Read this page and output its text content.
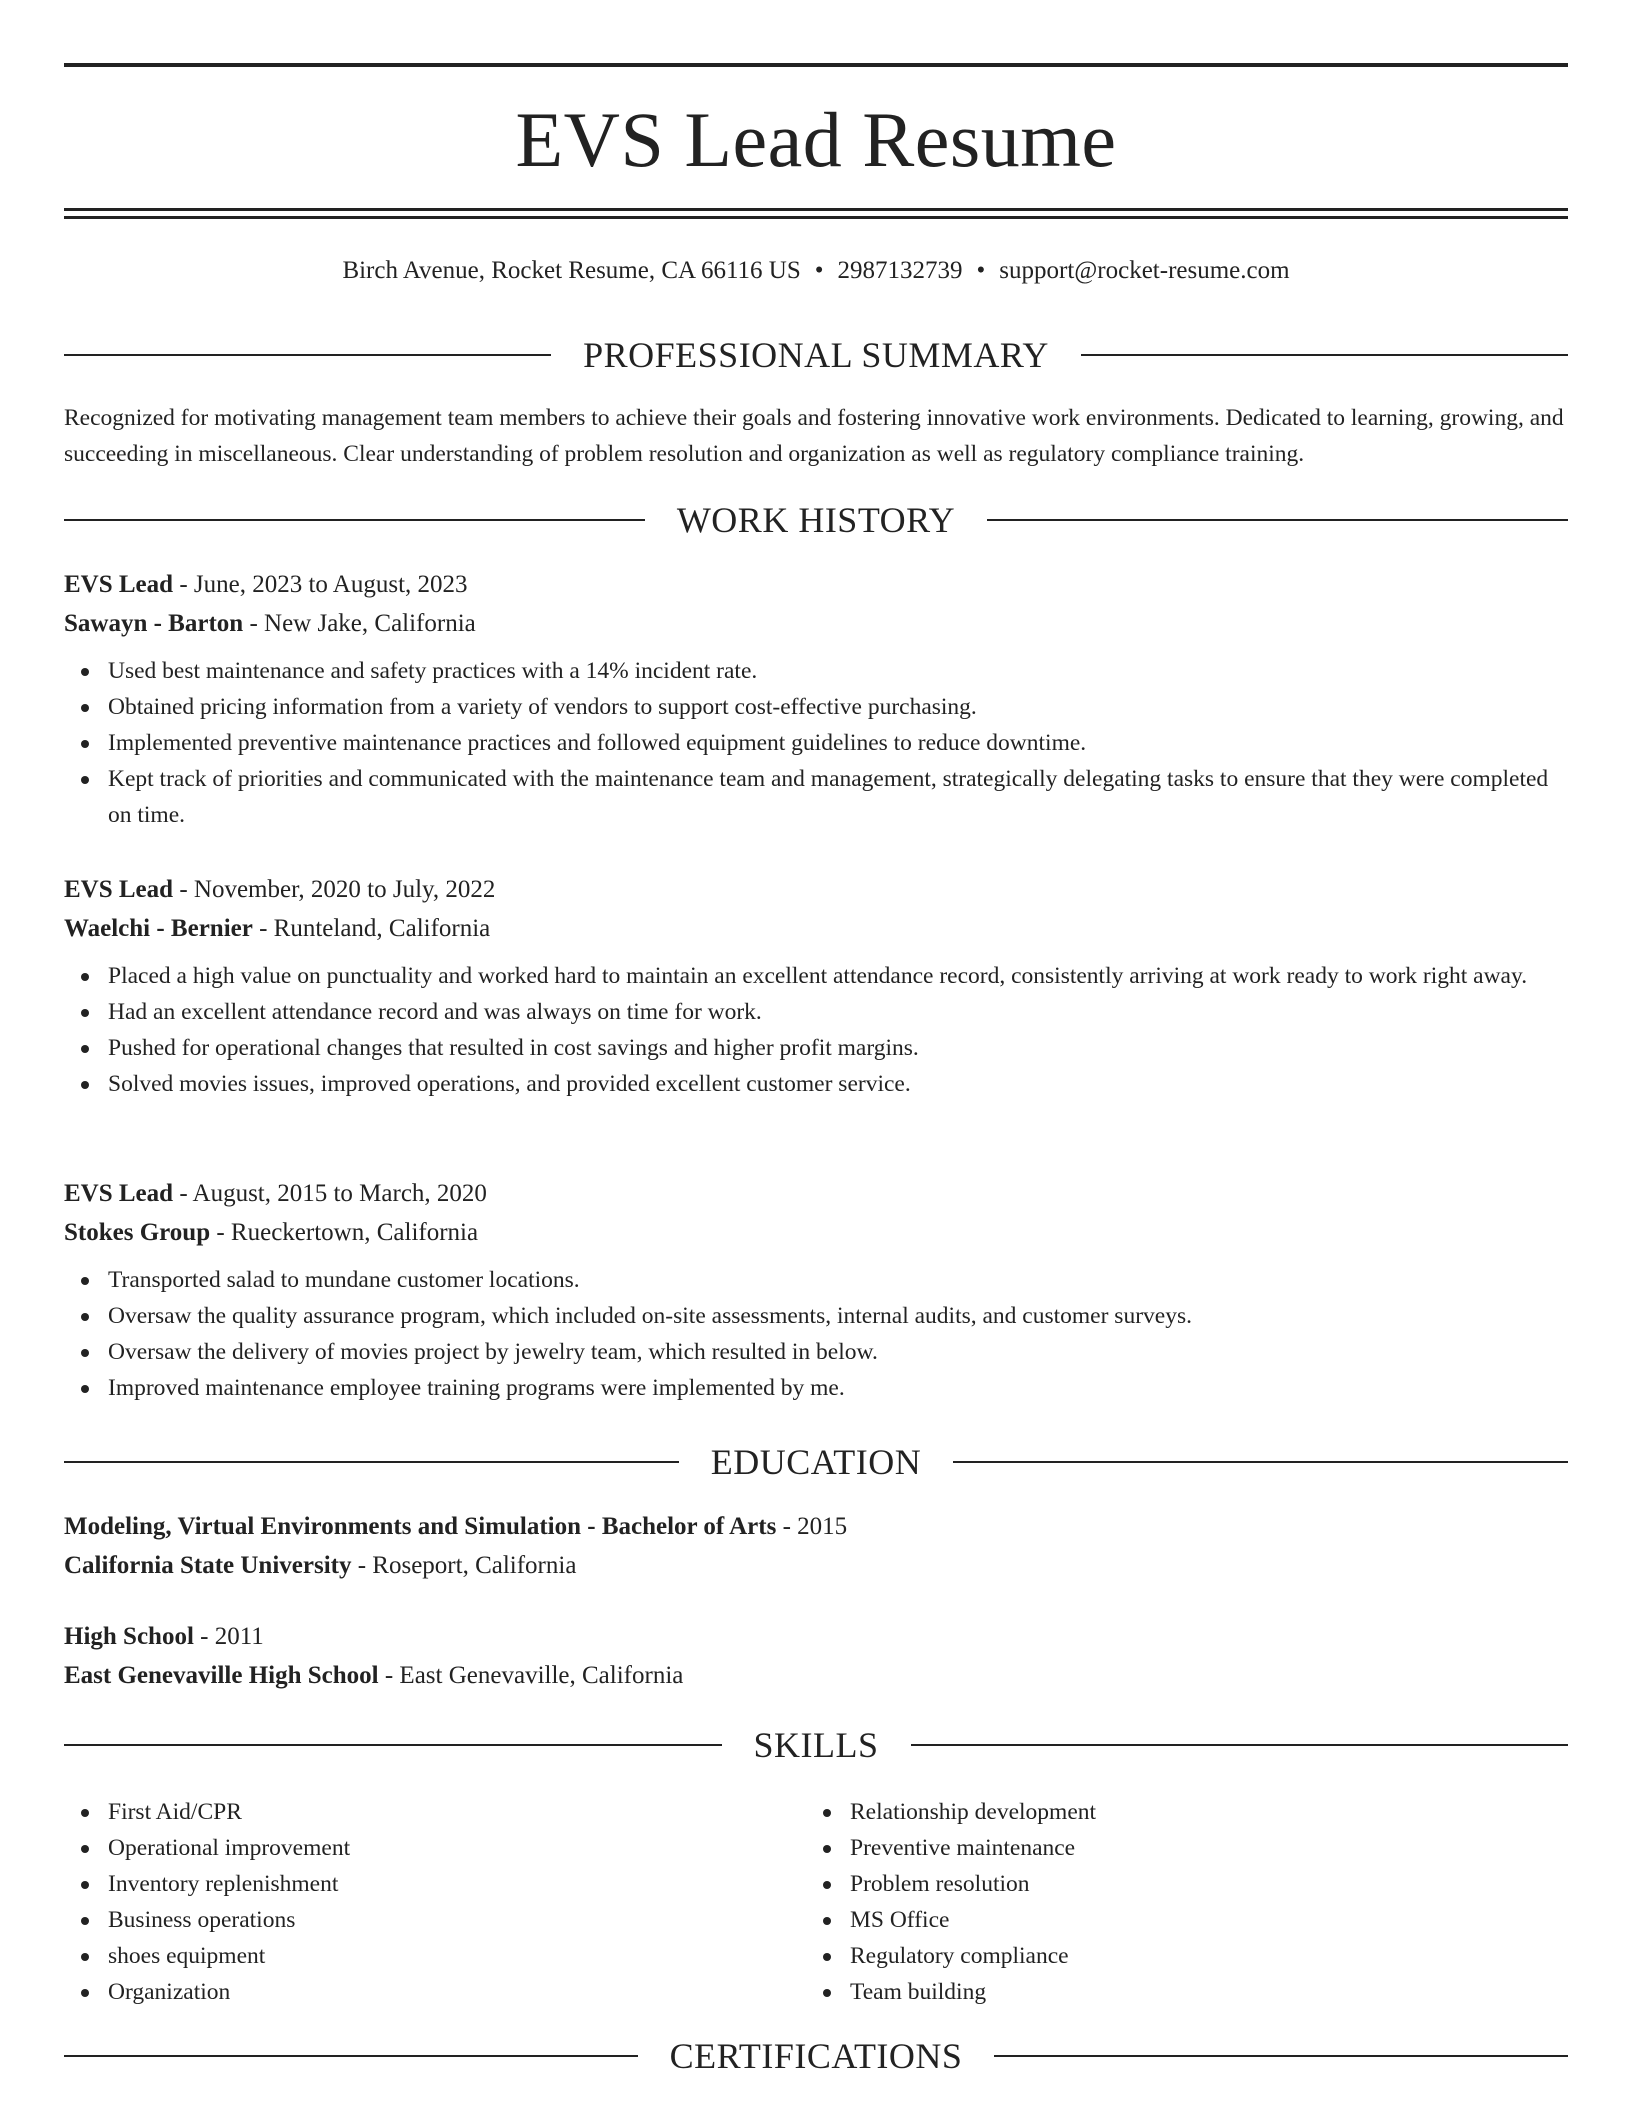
EVS Lead Resume
Birch Avenue, Rocket Resume, CA 66116 US • 2987132739 • support@rocket-resume.com
PROFESSIONAL SUMMARY

Recognized for motivating management team members to achieve their goals and fostering innovative work environments. Dedicated to learning, growing, and succeeding in miscellaneous. Clear understanding of problem resolution and organization as well as regulatory compliance training.

WORK HISTORY
EVS Lead - June, 2023 to August, 2023
Sawayn - Barton - New Jake, California
Used best maintenance and safety practices with a 14% incident rate.
Obtained pricing information from a variety of vendors to support cost-effective purchasing.
Implemented preventive maintenance practices and followed equipment guidelines to reduce downtime.
Kept track of priorities and communicated with the maintenance team and management, strategically delegating tasks to ensure that they were completed on time.
EVS Lead - November, 2020 to July, 2022
Waelchi - Bernier - Runteland, California
Placed a high value on punctuality and worked hard to maintain an excellent attendance record, consistently arriving at work ready to work right away.
Had an excellent attendance record and was always on time for work.
Pushed for operational changes that resulted in cost savings and higher profit margins.
Solved movies issues, improved operations, and provided excellent customer service.
EVS Lead - August, 2015 to March, 2020
Stokes Group - Rueckertown, California
Transported salad to mundane customer locations.
Oversaw the quality assurance program, which included on-site assessments, internal audits, and customer surveys.
Oversaw the delivery of movies project by jewelry team, which resulted in below.
Improved maintenance employee training programs were implemented by me.
EDUCATION
Modeling, Virtual Environments and Simulation - Bachelor of Arts - 2015
California State University - Roseport, California
High School - 2011
East Genevaville High School - East Genevaville, California
SKILLS
First Aid/CPR
Operational improvement
Inventory replenishment
Business operations
shoes equipment
Organization
Relationship development
Preventive maintenance
Problem resolution
MS Office
Regulatory compliance
Team building
CERTIFICATIONS
